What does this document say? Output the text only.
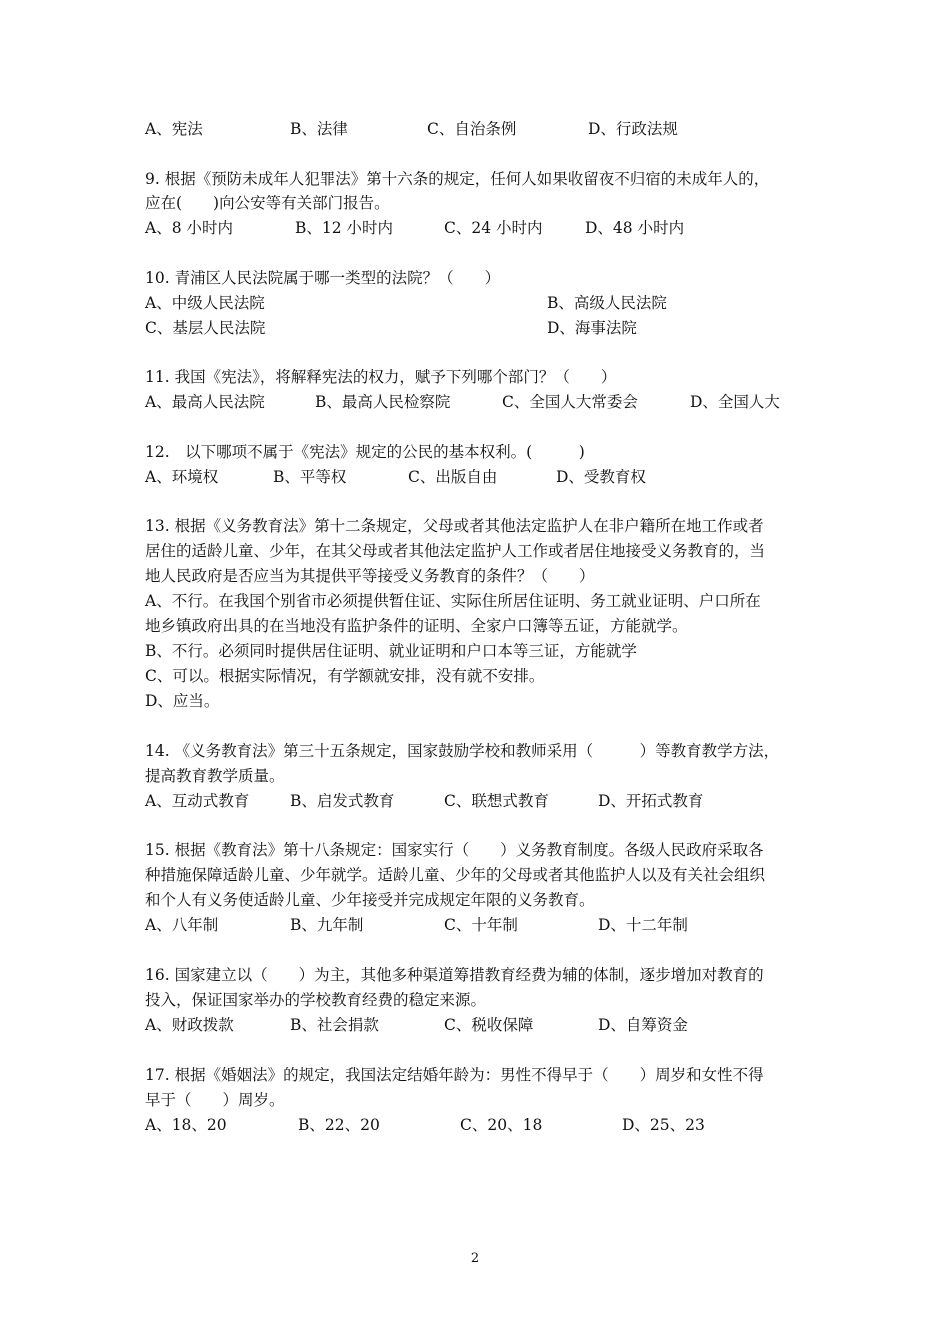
A、宪法	B、法律	C、自治条例	D、行政法规
9. 根据《预防未成年人犯罪法》第十六条的规定，任何人如果收留夜不归宿的未成年人的，
应在(　　)向公安等有关部门报告。
A、8 小时内	B、12 小时内	C、24 小时内	D、48 小时内
10. 青浦区人民法院属于哪一类型的法院？（　　）
A、中级人民法院	B、高级人民法院
C、基层人民法院	D、海事法院
11. 我国《宪法》，将解释宪法的权力，赋予下列哪个部门？（　　）
A、最高人民法院	B、最高人民检察院	C、全国人大常委会	D、全国人大
12.　以下哪项不属于《宪法》规定的公民的基本权利。(　　　)
A、环境权	B、平等权	C、出版自由	D、受教育权
13. 根据《义务教育法》第十二条规定，父母或者其他法定监护人在非户籍所在地工作或者
居住的适龄儿童、少年，在其父母或者其他法定监护人工作或者居住地接受义务教育的，当
地人民政府是否应当为其提供平等接受义务教育的条件？（　　）
A、不行。在我国个别省市必须提供暂住证、实际住所居住证明、务工就业证明、户口所在
地乡镇政府出具的在当地没有监护条件的证明、全家户口簿等五证，方能就学。
B、不行。必须同时提供居住证明、就业证明和户口本等三证，方能就学
C、可以。根据实际情况，有学额就安排，没有就不安排。
D、应当。
14. 《义务教育法》第三十五条规定，国家鼓励学校和教师采用（　　　）等教育教学方法，
提高教育教学质量。
A、互动式教育	B、启发式教育	C、联想式教育	D、开拓式教育
15. 根据《教育法》第十八条规定：国家实行（　　）义务教育制度。各级人民政府采取各
种措施保障适龄儿童、少年就学。适龄儿童、少年的父母或者其他监护人以及有关社会组织
和个人有义务使适龄儿童、少年接受并完成规定年限的义务教育。
A、八年制	B、九年制	C、十年制	D、十二年制
16. 国家建立以（　　）为主，其他多种渠道筹措教育经费为辅的体制，逐步增加对教育的
投入，保证国家举办的学校教育经费的稳定来源。
A、财政拨款	B、社会捐款	C、税收保障	D、自筹资金
17. 根据《婚姻法》的规定，我国法定结婚年龄为：男性不得早于（　　）周岁和女性不得
早于（　　）周岁。
A、18、20	B、22、20	C、20、18	D、25、23
2
